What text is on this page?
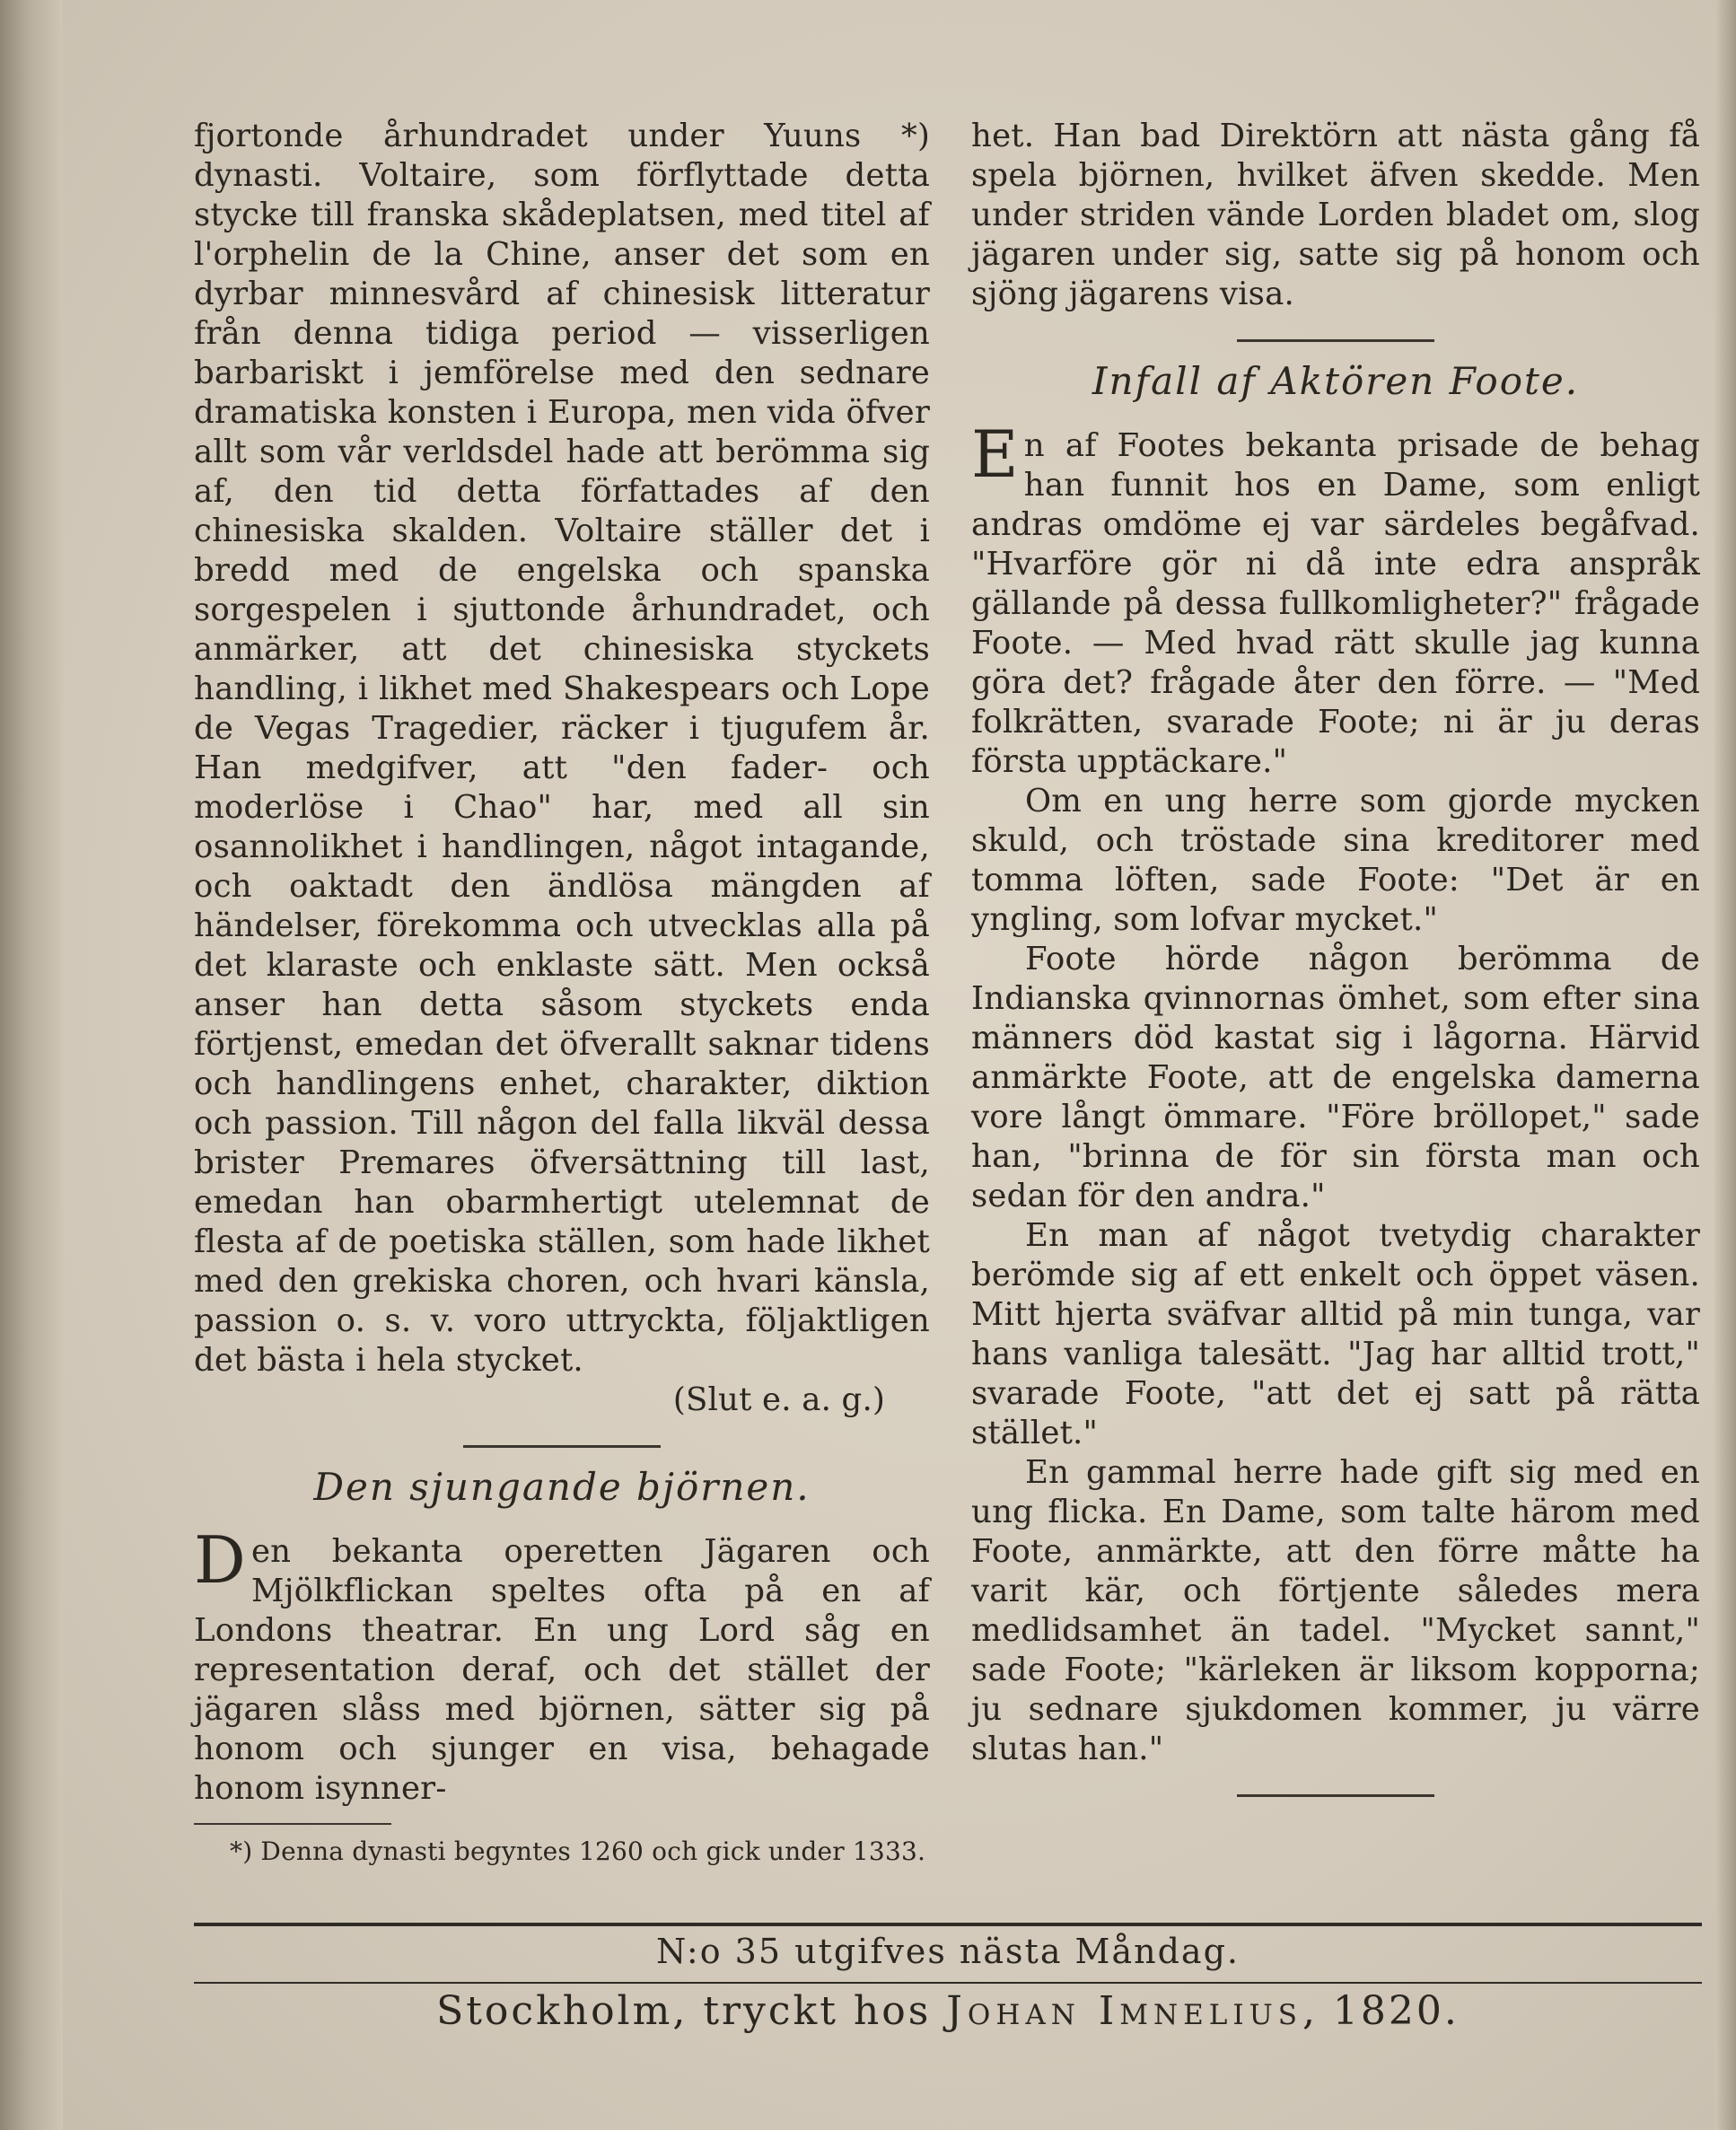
fjortonde århundradet under Yuuns *) dynasti. Voltaire, som förflyttade detta stycke till franska skådeplatsen, med titel af l'orphelin de la Chine, anser det som en dyrbar minnesvård af chinesisk litteratur från denna tidiga period — visserligen barbariskt i jemförelse med den sednare dramatiska konsten i Europa, men vida öfver allt som vår verldsdel hade att berömma sig af, den tid detta författades af den chinesiska skalden. Voltaire ställer det i bredd med de engelska och spanska sorgespelen i sjuttonde århundradet, och anmärker, att det chinesiska styckets handling, i likhet med Shakespears och Lope de Vegas Tragedier, räcker i tjugufem år. Han medgifver, att "den fader- och moderlöse i Chao" har, med all sin osannolikhet i handlingen, något intagande, och oaktadt den ändlösa mängden af händelser, förekomma och utvecklas alla på det klaraste och enklaste sätt. Men också anser han detta såsom styckets enda förtjenst, emedan det öfverallt saknar tidens och handlingens enhet, charakter, diktion och passion. Till någon del falla likväl dessa brister Premares öfversättning till last, emedan han obarmhertigt utelemnat de flesta af de poetiska ställen, som hade likhet med den grekiska choren, och hvari känsla, passion o. s. v. voro uttryckta, följaktligen det bästa i hela stycket.

(Slut e. a. g.)

Den sjungande björnen.

Den bekanta operetten Jägaren och Mjölkflickan speltes ofta på en af Londons theatrar. En ung Lord såg en representation deraf, och det stället der jägaren slåss med björnen, sätter sig på honom och sjunger en visa, behagade honom isynner-

*) Denna dynasti begyntes 1260 och gick under 1333.

het. Han bad Direktörn att nästa gång få spela björnen, hvilket äfven skedde. Men under striden vände Lorden bladet om, slog jägaren under sig, satte sig på honom och sjöng jägarens visa.

Infall af Aktören Foote.

En af Footes bekanta prisade de behag han funnit hos en Dame, som enligt andras omdöme ej var särdeles begåfvad. "Hvarföre gör ni då inte edra anspråk gällande på dessa fullkomligheter?" frågade Foote. — Med hvad rätt skulle jag kunna göra det? frågade åter den förre. — "Med folkrätten, svarade Foote; ni är ju deras första upptäckare."

Om en ung herre som gjorde mycken skuld, och tröstade sina kreditorer med tomma löften, sade Foote: "Det är en yngling, som lofvar mycket."

Foote hörde någon berömma de Indianska qvinnornas ömhet, som efter sina männers död kastat sig i lågorna. Härvid anmärkte Foote, att de engelska damerna vore långt ömmare. "Före bröllopet," sade han, "brinna de för sin första man och sedan för den andra."

En man af något tvetydig charakter berömde sig af ett enkelt och öppet väsen. Mitt hjerta sväfvar alltid på min tunga, var hans vanliga talesätt. "Jag har alltid trott," svarade Foote, "att det ej satt på rätta stället."

En gammal herre hade gift sig med en ung flicka. En Dame, som talte härom med Foote, anmärkte, att den förre måtte ha varit kär, och förtjente således mera medlidsamhet än tadel. "Mycket sannt," sade Foote; "kärleken är liksom kopporna; ju sednare sjukdomen kommer, ju värre slutas han."

N:o 35 utgifves nästa Måndag.
Stockholm, tryckt hos Johan Imnelius, 1820.
